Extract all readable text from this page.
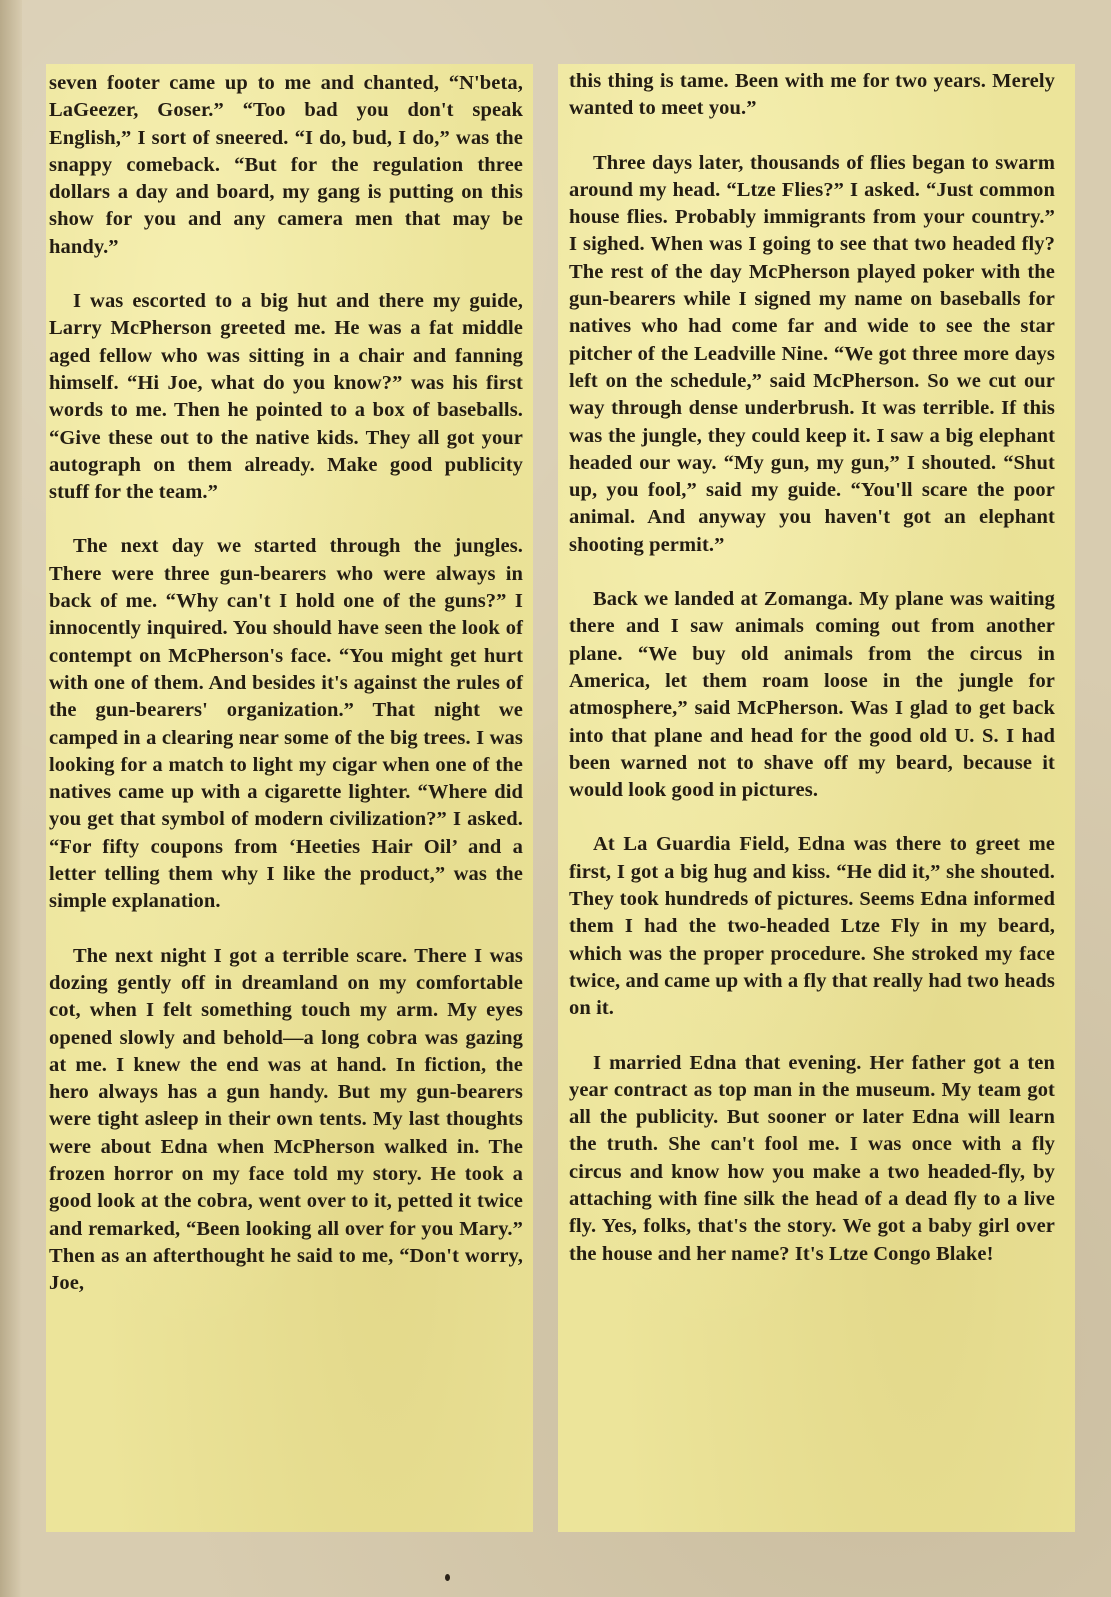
seven footer came up to me and chanted, “N'beta, LaGeezer, Goser.” “Too bad you don't speak English,” I sort of sneered. “I do, bud, I do,” was the snappy comeback. “But for the regulation three dollars a day and board, my gang is putting on this show for you and any camera men that may be handy.”

I was escorted to a big hut and there my guide, Larry McPherson greeted me. He was a fat middle aged fellow who was sitting in a chair and fanning himself. “Hi Joe, what do you know?” was his first words to me. Then he pointed to a box of baseballs. “Give these out to the native kids. They all got your autograph on them already. Make good publicity stuff for the team.”

The next day we started through the jungles. There were three gun-bearers who were always in back of me. “Why can't I hold one of the guns?” I innocently inquired. You should have seen the look of contempt on McPherson's face. “You might get hurt with one of them. And besides it's against the rules of the gun-bearers' organization.” That night we camped in a clearing near some of the big trees. I was looking for a match to light my cigar when one of the natives came up with a cigarette lighter. “Where did you get that symbol of modern civilization?” I asked. “For fifty coupons from ‘Heeties Hair Oil’ and a letter telling them why I like the product,” was the simple explanation.

The next night I got a terrible scare. There I was dozing gently off in dreamland on my comfortable cot, when I felt something touch my arm. My eyes opened slowly and behold—a long cobra was gazing at me. I knew the end was at hand. In fiction, the hero always has a gun handy. But my gun-bearers were tight asleep in their own tents. My last thoughts were about Edna when McPherson walked in. The frozen horror on my face told my story. He took a good look at the cobra, went over to it, petted it twice and remarked, “Been looking all over for you Mary.” Then as an afterthought he said to me, “Don't worry, Joe,

this thing is tame. Been with me for two years. Merely wanted to meet you.”

Three days later, thousands of flies began to swarm around my head. “Ltze Flies?” I asked. “Just common house flies. Probably immigrants from your country.” I sighed. When was I going to see that two headed fly? The rest of the day McPherson played poker with the gun-bearers while I signed my name on baseballs for natives who had come far and wide to see the star pitcher of the Leadville Nine. “We got three more days left on the schedule,” said McPherson. So we cut our way through dense underbrush. It was terrible. If this was the jungle, they could keep it. I saw a big elephant headed our way. “My gun, my gun,” I shouted. “Shut up, you fool,” said my guide. “You'll scare the poor animal. And anyway you haven't got an elephant shooting permit.”

Back we landed at Zomanga. My plane was waiting there and I saw animals coming out from another plane. “We buy old animals from the circus in America, let them roam loose in the jungle for atmosphere,” said McPherson. Was I glad to get back into that plane and head for the good old U. S. I had been warned not to shave off my beard, because it would look good in pictures.

At La Guardia Field, Edna was there to greet me first, I got a big hug and kiss. “He did it,” she shouted. They took hundreds of pictures. Seems Edna informed them I had the two-headed Ltze Fly in my beard, which was the proper procedure. She stroked my face twice, and came up with a fly that really had two heads on it.

I married Edna that evening. Her father got a ten year contract as top man in the museum. My team got all the publicity. But sooner or later Edna will learn the truth. She can't fool me. I was once with a fly circus and know how you make a two headed-fly, by attaching with fine silk the head of a dead fly to a live fly. Yes, folks, that's the story. We got a baby girl over the house and her name? It's Ltze Congo Blake!
